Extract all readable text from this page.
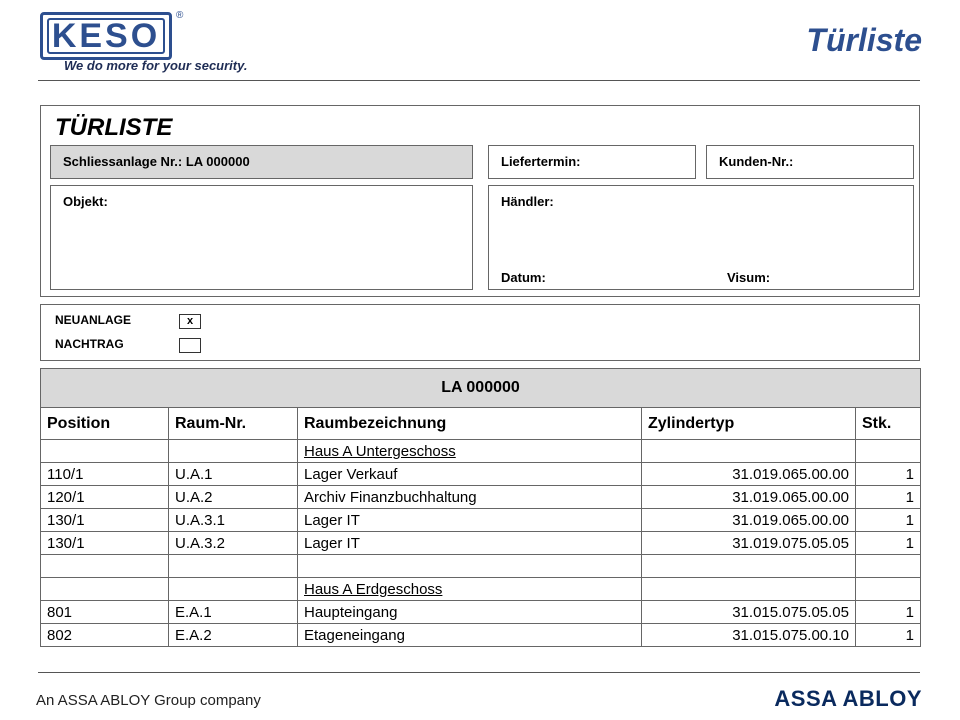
KESO
®
We do more for your security.
Türliste
TÜRLISTE
Schliessanlage Nr.: LA 000000	Liefertermin:	Kunden-Nr.:
Objekt:	Händler:
Datum:	Visum:
NEUANLAGE	x
NACHTRAG
LA 000000				
Position	Raum-Nr.	Raumbezeichnung	Zylindertyp	Stk.
		Haus A Untergeschoss		
110/1	U.A.1	Lager Verkauf	31.019.065.00.00	1
120/1	U.A.2	Archiv Finanzbuchhaltung	31.019.065.00.00	1
130/1	U.A.3.1	Lager IT	31.019.065.00.00	1
130/1	U.A.3.2	Lager IT	31.019.075.05.05	1

		Haus A Erdgeschoss		
801	E.A.1	Haupteingang	31.015.075.05.05	1
802	E.A.2	Etageneingang	31.015.075.00.10	1
An ASSA ABLOY Group company	ASSA ABLOY
